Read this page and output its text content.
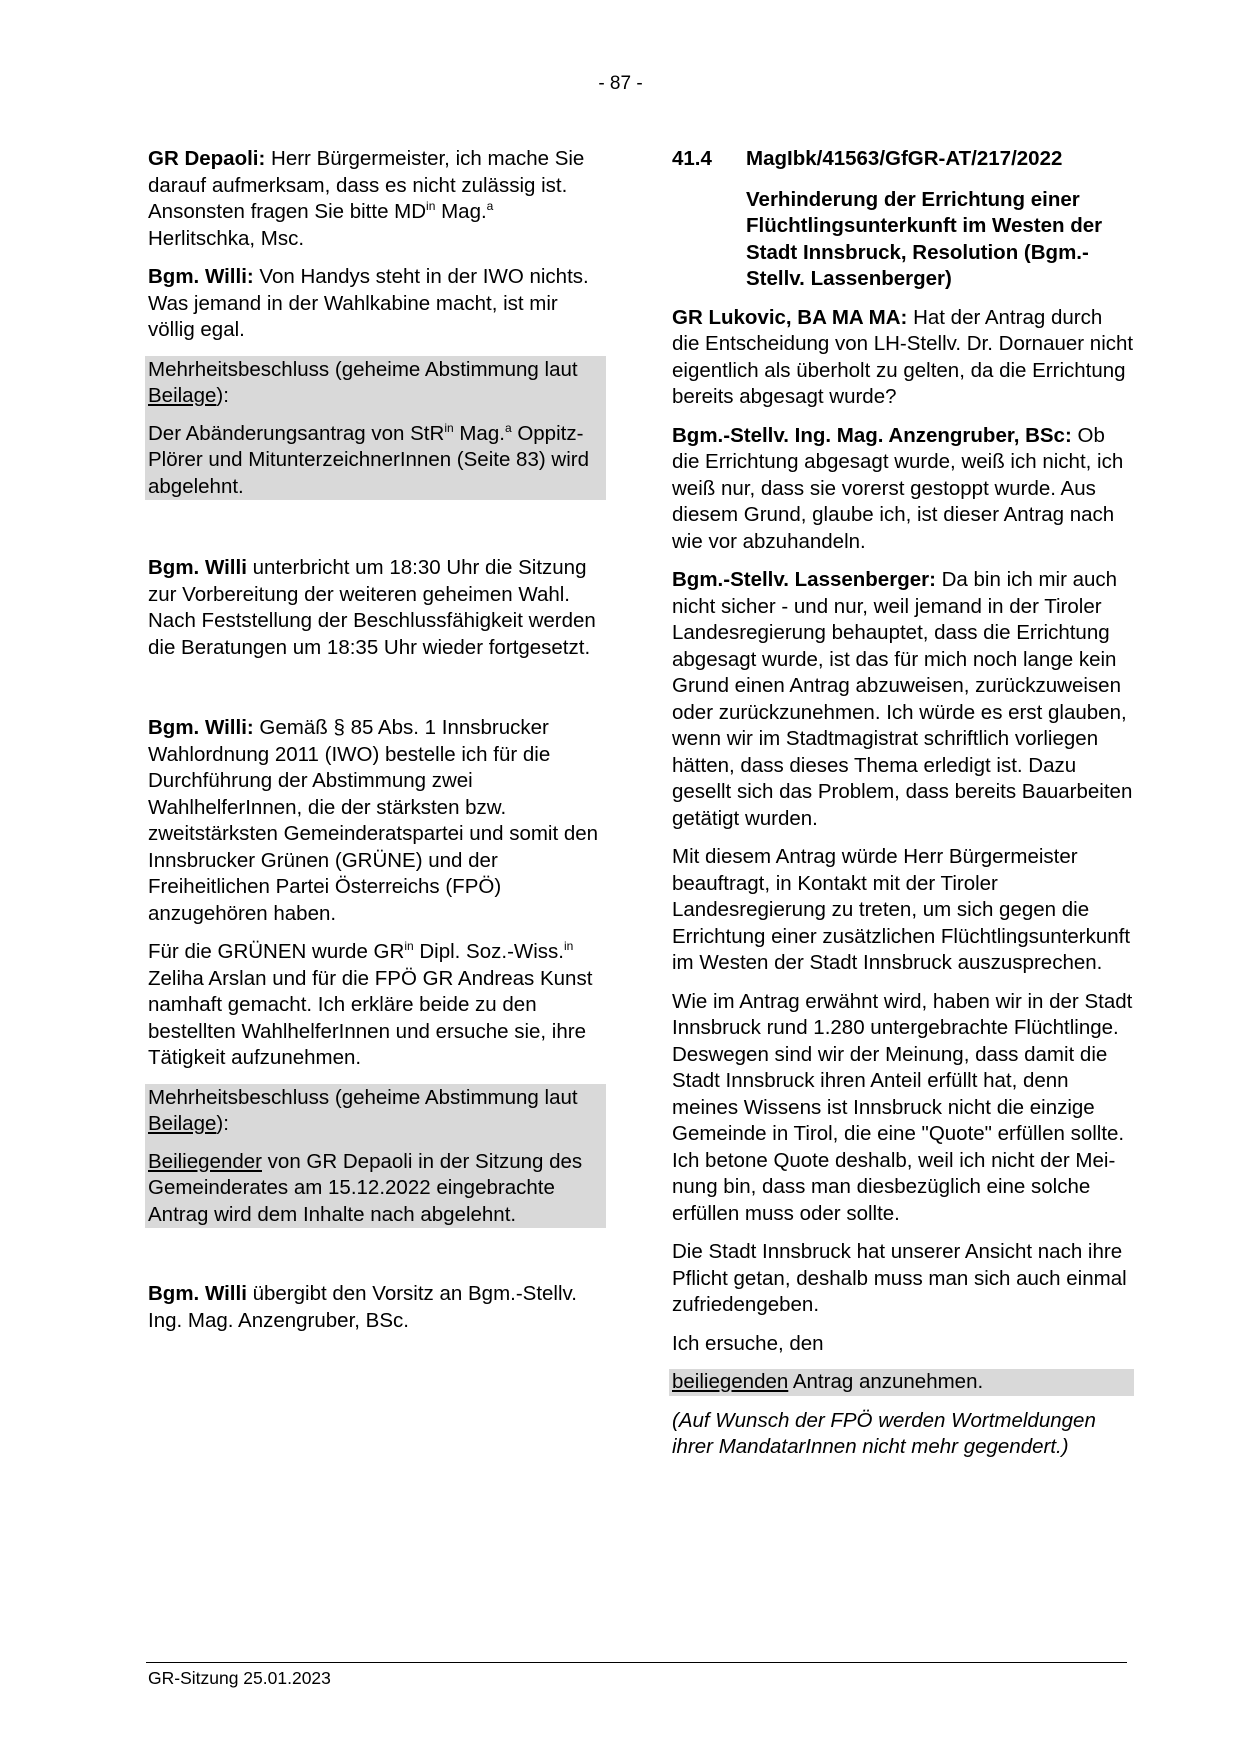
- 87 -

GR Depaoli: Herr Bürgermeister, ich mache Sie darauf aufmerksam, dass es nicht zulässig ist. Ansonsten fragen Sie bitte $MD^{in}$ Mag.$^a$ Herlitschka, Msc.

Bgm. Willi: Von Handys steht in der IWO nichts. Was jemand in der Wahlkabine macht, ist mir völlig egal.

Mehrheitsbeschluss (geheime Abstimmung laut Beilage):

Der Abänderungsantrag von StR$^{in}$ Mag.$^a$ Oppitz-Plörer und MitunterzeichnerInnen (Seite 83) wird abgelehnt.

Bgm. Willi unterbricht um 18:30 Uhr die Sitzung zur Vorbereitung der weiteren geheimen Wahl. Nach Feststellung der Beschlussfähigkeit werden die Beratungen um 18:35 Uhr wieder fortgesetzt.

Bgm. Willi: Gemäß § 85 Abs. 1 Innsbrucker Wahlordnung 2011 (IWO) bestelle ich für die Durchführung der Abstimmung zwei WahlhelferInnen, die der stärksten bzw. zweitstärksten Gemeinderatspartei und somit den Innsbrucker Grünen (GRÜNE) und der Freiheitlichen Partei Österreichs (FPÖ) anzugehören haben.

Für die GRÜNEN wurde $GR^{in}$ Dipl. Soz.-Wiss.$^{in}$ Zeliha Arslan und für die FPÖ GR Andreas Kunst namhaft gemacht. Ich erkläre beide zu den bestellten WahlhelferInnen und ersuche sie, ihre Tätigkeit aufzunehmen.

Mehrheitsbeschluss (geheime Abstimmung laut Beilage):

Beiliegender von GR Depaoli in der Sitzung des Gemeinderates am 15.12.2022 eingebrachte Antrag wird dem Inhalte nach abgelehnt.

Bgm. Willi übergibt den Vorsitz an Bgm.-Stellv. Ing. Mag. Anzengruber, BSc.

41.4	MagIbk/41563/GfGR-AT/217/2022
Verhinderung der Errichtung einer Flüchtlingsunterkunft im Westen der Stadt Innsbruck, Resolution (Bgm.-Stellv. Lassenberger)

GR Lukovic, BA MA MA: Hat der Antrag durch die Entscheidung von LH-Stellv. Dr. Dornauer nicht eigentlich als überholt zu gelten, da die Errichtung bereits abgesagt wurde?

Bgm.-Stellv. Ing. Mag. Anzengruber, BSc: Ob die Errichtung abgesagt wurde, weiß ich nicht, ich weiß nur, dass sie vorerst gestoppt wurde. Aus diesem Grund, glaube ich, ist dieser Antrag nach wie vor abzuhandeln.

Bgm.-Stellv. Lassenberger: Da bin ich mir auch nicht sicher - und nur, weil jemand in der Tiroler Landesregierung behauptet, dass die Errichtung abgesagt wurde, ist das für mich noch lange kein Grund einen Antrag abzuweisen, zurückzuweisen oder zurückzunehmen. Ich würde es erst glauben, wenn wir im Stadtmagistrat schriftlich vorliegen hätten, dass dieses Thema erledigt ist. Dazu gesellt sich das Problem, dass bereits Bauarbeiten getätigt wurden.

Mit diesem Antrag würde Herr Bürgermeister beauftragt, in Kontakt mit der Tiroler Landesregierung zu treten, um sich gegen die Errichtung einer zusätzlichen Flüchtlingsunterkunft im Westen der Stadt Innsbruck auszusprechen.

Wie im Antrag erwähnt wird, haben wir in der Stadt Innsbruck rund 1.280 untergebrachte Flüchtlinge. Deswegen sind wir der Meinung, dass damit die Stadt Innsbruck ihren Anteil erfüllt hat, denn meines Wissens ist Innsbruck nicht die einzige Gemeinde in Tirol, die eine "Quote" erfüllen sollte. Ich betone Quote deshalb, weil ich nicht der Meinung bin, dass man diesbezüglich eine solche erfüllen muss oder sollte.

Die Stadt Innsbruck hat unserer Ansicht nach ihre Pflicht getan, deshalb muss man sich auch einmal zufriedengeben.

Ich ersuche, den

beiliegenden Antrag anzunehmen.

(Auf Wunsch der FPÖ werden Wortmeldungen ihrer MandatarInnen nicht mehr gegendert.)

GR-Sitzung 25.01.2023
